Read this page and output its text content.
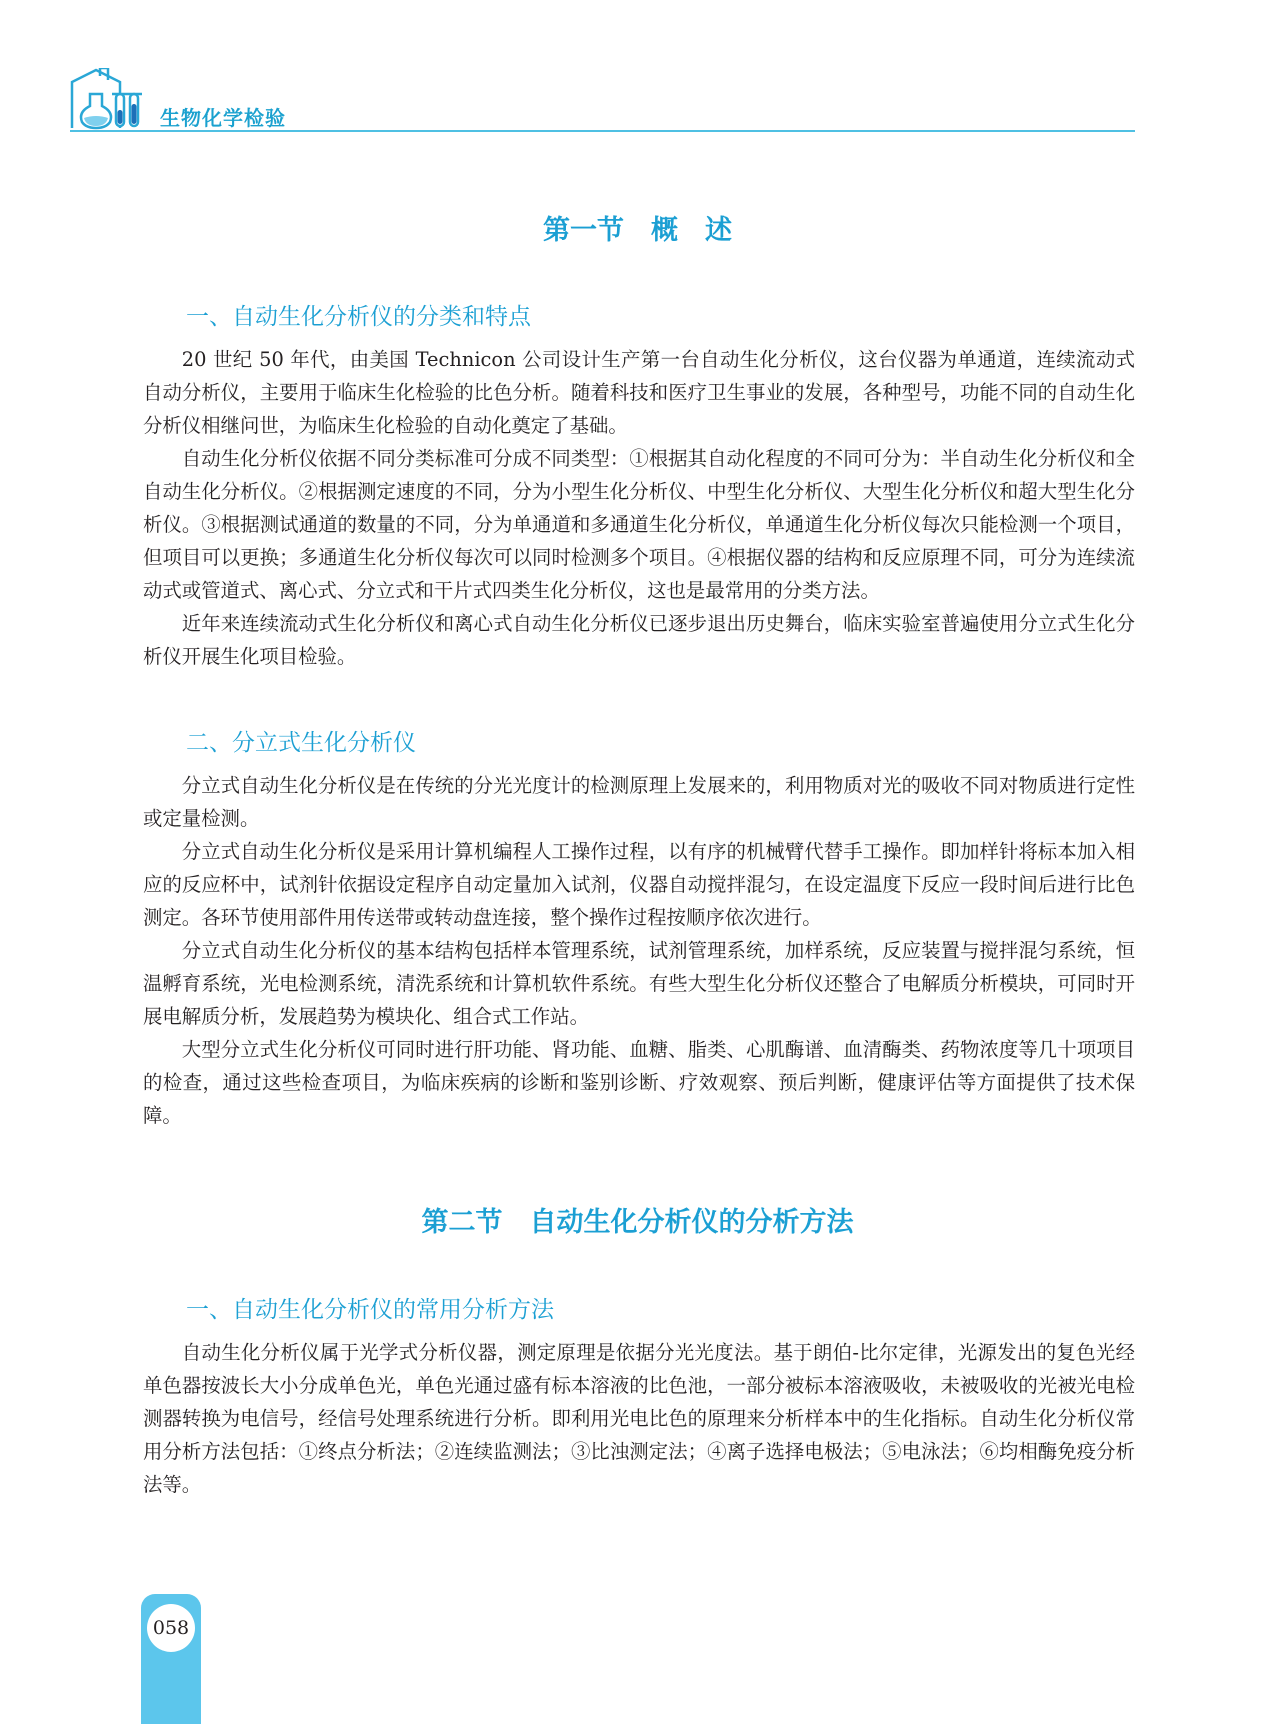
生物化学检验
第一节　概　述
一、自动生化分析仪的分类和特点

20 世纪 50 年代，由美国 Technicon 公司设计生产第一台自动生化分析仪，这台仪器为单通道，连续流动式自动分析仪，主要用于临床生化检验的比色分析。随着科技和医疗卫生事业的发展，各种型号，功能不同的自动生化分析仪相继问世，为临床生化检验的自动化奠定了基础。

自动生化分析仪依据不同分类标准可分成不同类型：①根据其自动化程度的不同可分为：半自动生化分析仪和全自动生化分析仪。②根据测定速度的不同，分为小型生化分析仪、中型生化分析仪、大型生化分析仪和超大型生化分析仪。③根据测试通道的数量的不同，分为单通道和多通道生化分析仪，单通道生化分析仪每次只能检测一个项目，但项目可以更换；多通道生化分析仪每次可以同时检测多个项目。④根据仪器的结构和反应原理不同，可分为连续流动式或管道式、离心式、分立式和干片式四类生化分析仪，这也是最常用的分类方法。

近年来连续流动式生化分析仪和离心式自动生化分析仪已逐步退出历史舞台，临床实验室普遍使用分立式生化分析仪开展生化项目检验。

二、分立式生化分析仪

分立式自动生化分析仪是在传统的分光光度计的检测原理上发展来的，利用物质对光的吸收不同对物质进行定性或定量检测。

分立式自动生化分析仪是采用计算机编程人工操作过程，以有序的机械臂代替手工操作。即加样针将标本加入相应的反应杯中，试剂针依据设定程序自动定量加入试剂，仪器自动搅拌混匀，在设定温度下反应一段时间后进行比色测定。各环节使用部件用传送带或转动盘连接，整个操作过程按顺序依次进行。

分立式自动生化分析仪的基本结构包括样本管理系统，试剂管理系统，加样系统，反应装置与搅拌混匀系统，恒温孵育系统，光电检测系统，清洗系统和计算机软件系统。有些大型生化分析仪还整合了电解质分析模块，可同时开展电解质分析，发展趋势为模块化、组合式工作站。

大型分立式生化分析仪可同时进行肝功能、肾功能、血糖、脂类、心肌酶谱、血清酶类、药物浓度等几十项项目的检查，通过这些检查项目，为临床疾病的诊断和鉴别诊断、疗效观察、预后判断，健康评估等方面提供了技术保障。

第二节　自动生化分析仪的分析方法
一、自动生化分析仪的常用分析方法

自动生化分析仪属于光学式分析仪器，测定原理是依据分光光度法。基于朗伯-比尔定律，光源发出的复色光经单色器按波长大小分成单色光，单色光通过盛有标本溶液的比色池，一部分被标本溶液吸收，未被吸收的光被光电检测器转换为电信号，经信号处理系统进行分析。即利用光电比色的原理来分析样本中的生化指标。自动生化分析仪常用分析方法包括：①终点分析法；②连续监测法；③比浊测定法；④离子选择电极法；⑤电泳法；⑥均相酶免疫分析法等。

058
